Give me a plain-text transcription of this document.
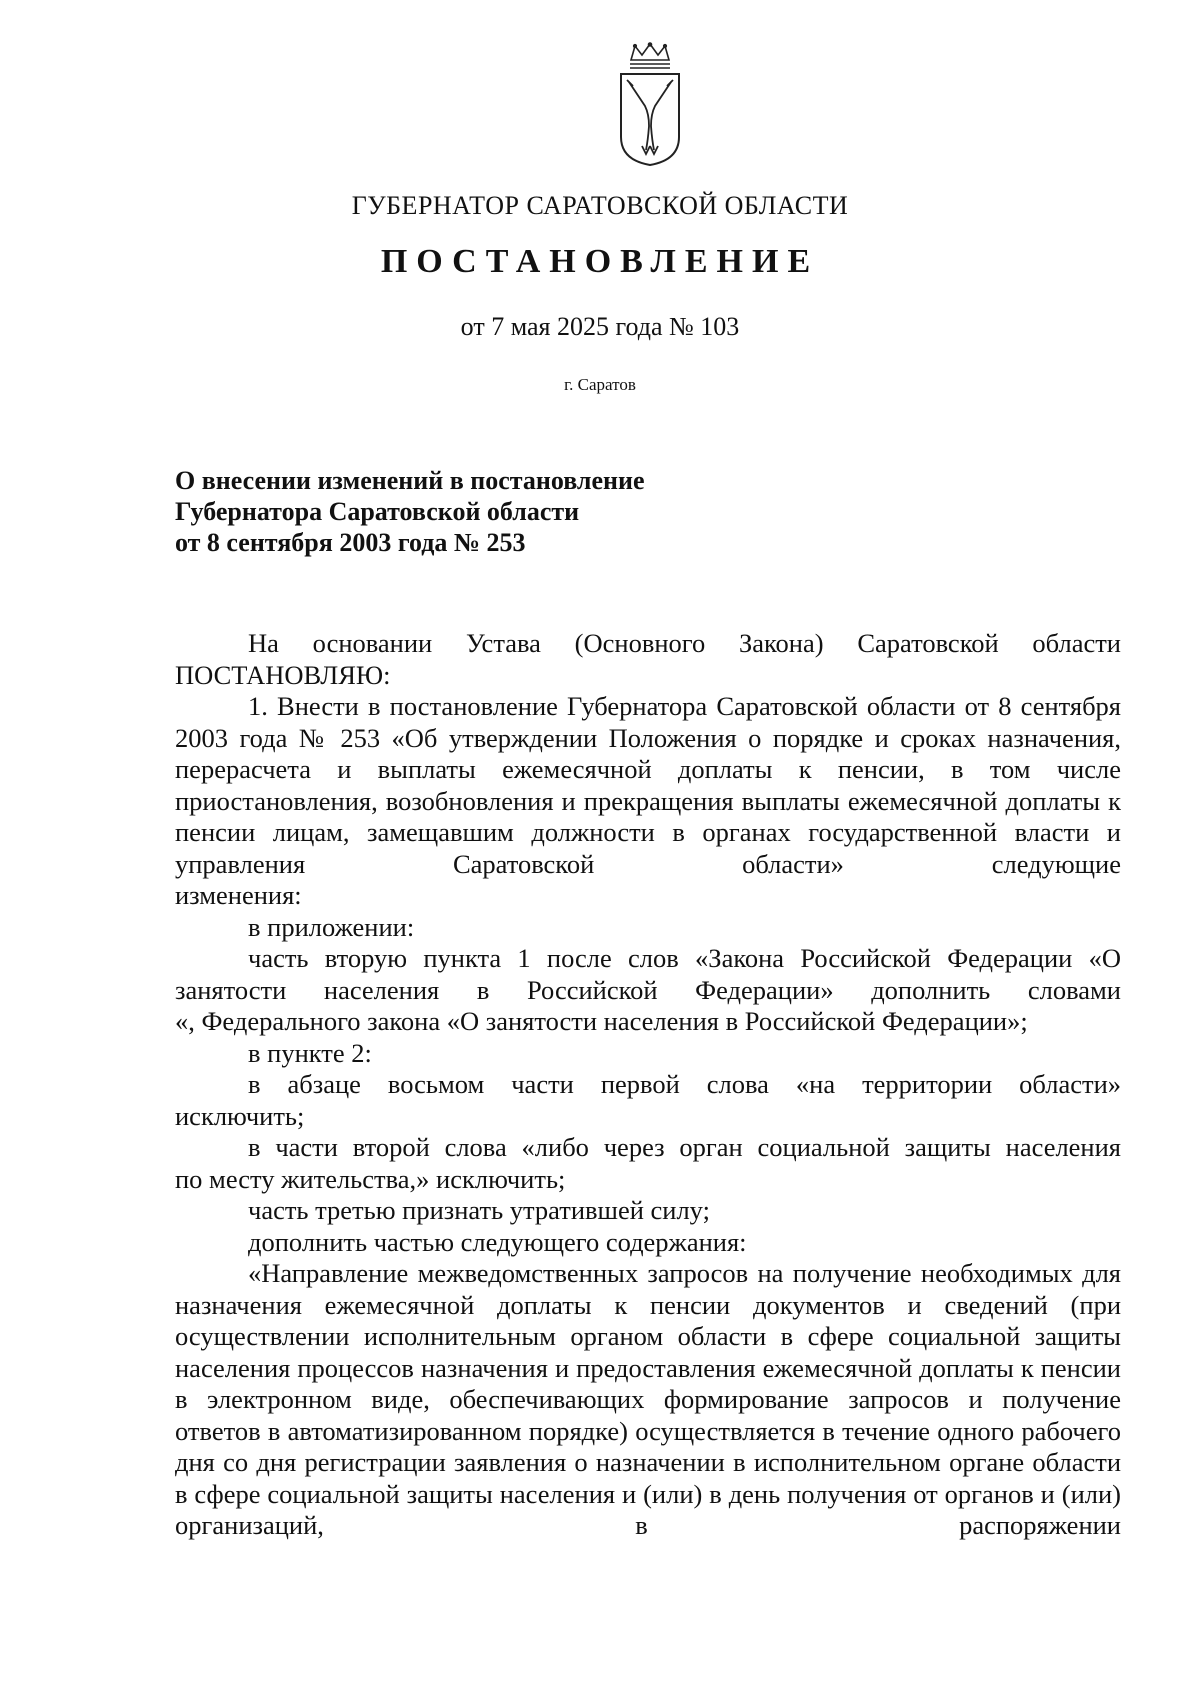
ГУБЕРНАТОР САРАТОВСКОЙ ОБЛАСТИ
ПОСТАНОВЛЕНИЕ
от 7 мая 2025 года № 103
г. Саратов
О внесении изменений в постановление
Губернатора Саратовской области
от 8 сентября 2003 года № 253

На основании Устава (Основного Закона) Саратовской области

ПОСТАНОВЛЯЮ:

1. Внести в постановление Губернатора Саратовской области от 8 сентября 2003 года № 253 «Об утверждении Положения о порядке и сроках назначения, перерасчета и выплаты ежемесячной доплаты к пенсии, в том числе приостановления, возобновления и прекращения выплаты ежемесячной доплаты к пенсии лицам, замещавшим должности в органах государственной власти и управления Саратовской области» следующие

изменения:

в приложении:

часть вторую пункта 1 после слов «Закона Российской Федерации «О занятости населения в Российской Федерации» дополнить словами

«, Федерального закона «О занятости населения в Российской Федерации»;

в пункте 2:

в абзаце восьмом части первой слова «на территории области»

исключить;

в части второй слова «либо через орган социальной защиты населения

по месту жительства,» исключить;

часть третью признать утратившей силу;

дополнить частью следующего содержания:

«Направление межведомственных запросов на получение необходимых для назначения ежемесячной доплаты к пенсии документов и сведений (при осуществлении исполнительным органом области в сфере социальной защиты населения процессов назначения и предоставления ежемесячной доплаты к пенсии в электронном виде, обеспечивающих формирование запросов и получение ответов в автоматизированном порядке) осуществляется в течение одного рабочего дня со дня регистрации заявления о назначении в исполнительном органе области в сфере социальной защиты населения и (или) в день получения от органов и (или) организаций, в распоряжении
